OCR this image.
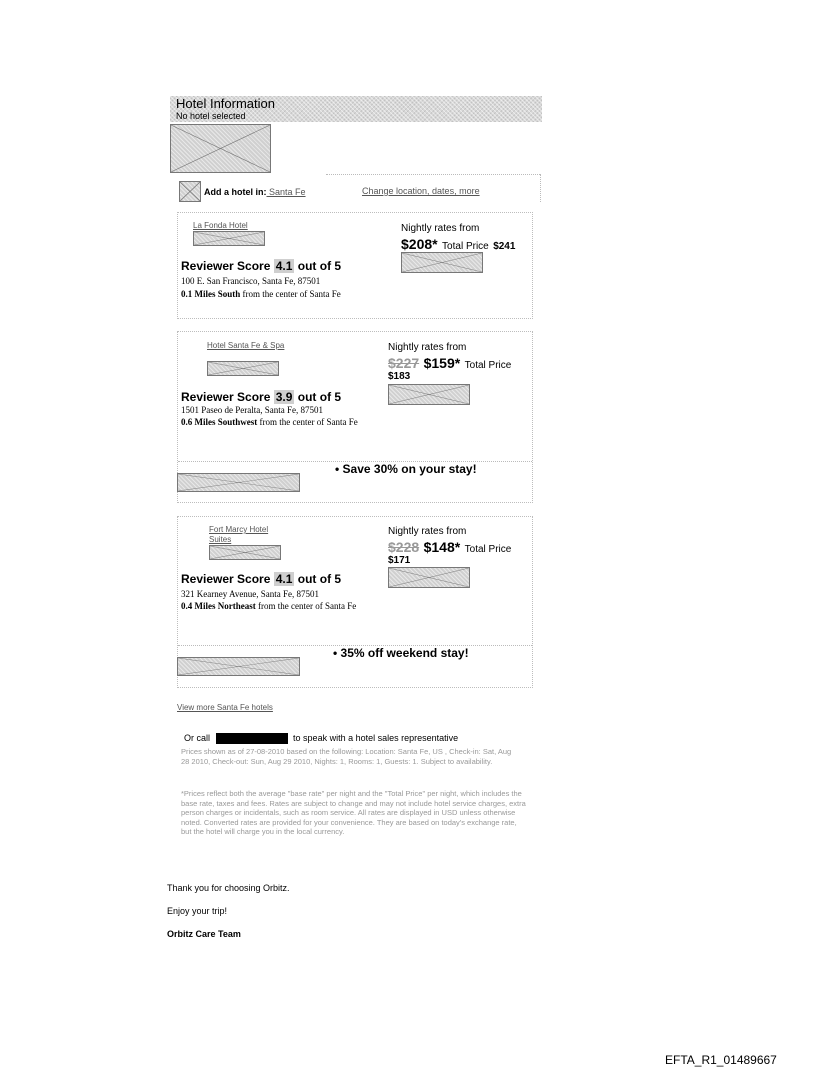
Hotel Information
No hotel selected
Add a hotel in: Santa Fe	Change location, dates, more
La Fonda Hotel	Nightly rates from
$208* Total Price $241
Reviewer Score 4.1 out of 5
100 E. San Francisco, Santa Fe, 87501
0.1 Miles South from the center of Santa Fe
Hotel Santa Fe & Spa	Nightly rates from
$227 $159* Total Price
$183
Reviewer Score 3.9 out of 5
1501 Paseo de Peralta, Santa Fe, 87501
0.6 Miles Southwest from the center of Santa Fe
• Save 30% on your stay!
Fort Marcy Hotel Suites
Nightly rates from
$228 $148* Total Price
$171
Reviewer Score 4.1 out of 5
321 Kearney Avenue, Santa Fe, 87501
0.4 Miles Northeast from the center of Santa Fe
• 35% off weekend stay!
View more Santa Fe hotels
Or call	to speak with a hotel sales representative
Prices shown as of 27-08-2010 based on the following: Location: Santa Fe, US , Check-in: Sat, Aug 28 2010, Check-out: Sun, Aug 29 2010, Nights: 1, Rooms: 1, Guests: 1. Subject to availability.
*Prices reflect both the average "base rate" per night and the "Total Price" per night, which includes the base rate, taxes and fees. Rates are subject to change and may not include hotel service charges, extra person charges or incidentals, such as room service. All rates are displayed in USD unless otherwise noted. Converted rates are provided for your convenience. They are based on today's exchange rate, but the hotel will charge you in the local currency.
Thank you for choosing Orbitz.
Enjoy your trip!
Orbitz Care Team
EFTA_R1_01489667
